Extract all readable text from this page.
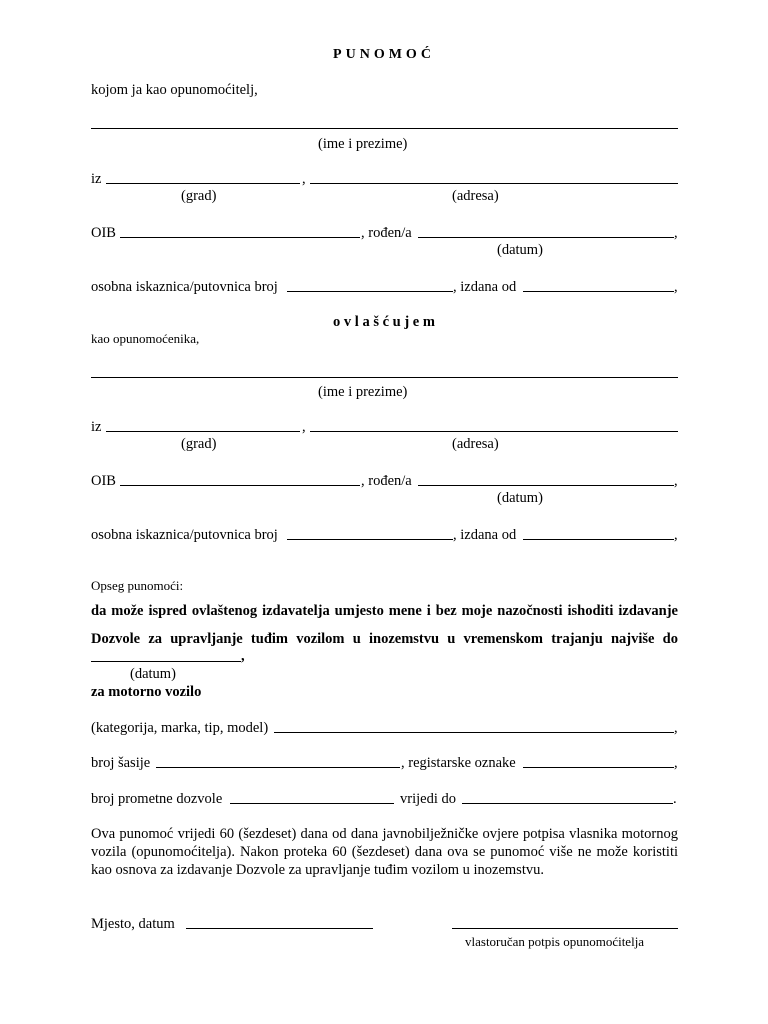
PUNOMOĆ
kojom ja kao opunomoćitelj,
(ime i prezime)
iz	,
(grad)	(adresa)
OIB	, rođen/a	,
(datum)
osobna iskaznica/putovnica broj	, izdana od	,
o v l a š ć u j e m
kao opunomoćenika,
(ime i prezime)
iz	,
(grad)	(adresa)
OIB	, rođen/a	,
(datum)
osobna iskaznica/putovnica broj	, izdana od	,
Opseg punomoći:
da može ispred ovlaštenog izdavatelja umjesto mene i bez moje nazočnosti ishoditi izdavanje
Dozvole za upravljanje tuđim vozilom u inozemstvu u vremenskom trajanju najviše do
,
(datum)
za motorno vozilo
(kategorija, marka, tip, model)	,
broj šasije	, registarske oznake	,
broj prometne dozvole	vrijedi do	.
Ova punomoć vrijedi 60 (šezdeset) dana od dana javnobilježničke ovjere potpisa vlasnika motornog vozila (opunomoćitelja). Nakon proteka 60 (šezdeset) dana ova se punomoć više ne može koristiti kao osnova za izdavanje Dozvole za upravljanje tuđim vozilom u inozemstvu.
Mjesto, datum
vlastoručan potpis opunomoćitelja
